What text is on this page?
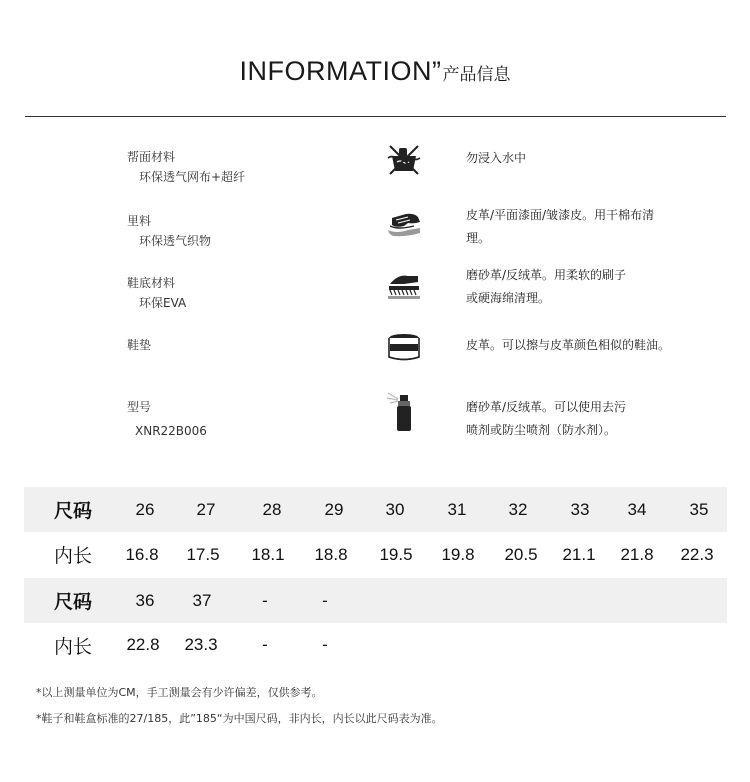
INFORMATION”产品信息
帮面材料
环保透气网布+超纤
里料
环保透气织物
鞋底材料
环保EVA
鞋垫
型号
XNR22B006
勿浸入水中
皮革/平面漆面/皱漆皮。用干棉布清
理。
磨砂革/反绒革。用柔软的刷子
或硬海绵清理。
皮革。可以擦与皮革颜色相似的鞋油。
磨砂革/反绒革。可以使用去污
喷剂或防尘喷剂（防水剂）。
尺码	26	27	28	29	30	31	32	33	34	35
内长	16.8	17.5	18.1	18.8	19.5	19.8	20.5	21.1	21.8	22.3
尺码	36	37	-	-
内长	22.8	23.3	-	-
*以上测量单位为CM，手工测量会有少许偏差，仅供参考。
*鞋子和鞋盒标准的27/185，此”185“为中国尺码，非内长，内长以此尺码表为准。
